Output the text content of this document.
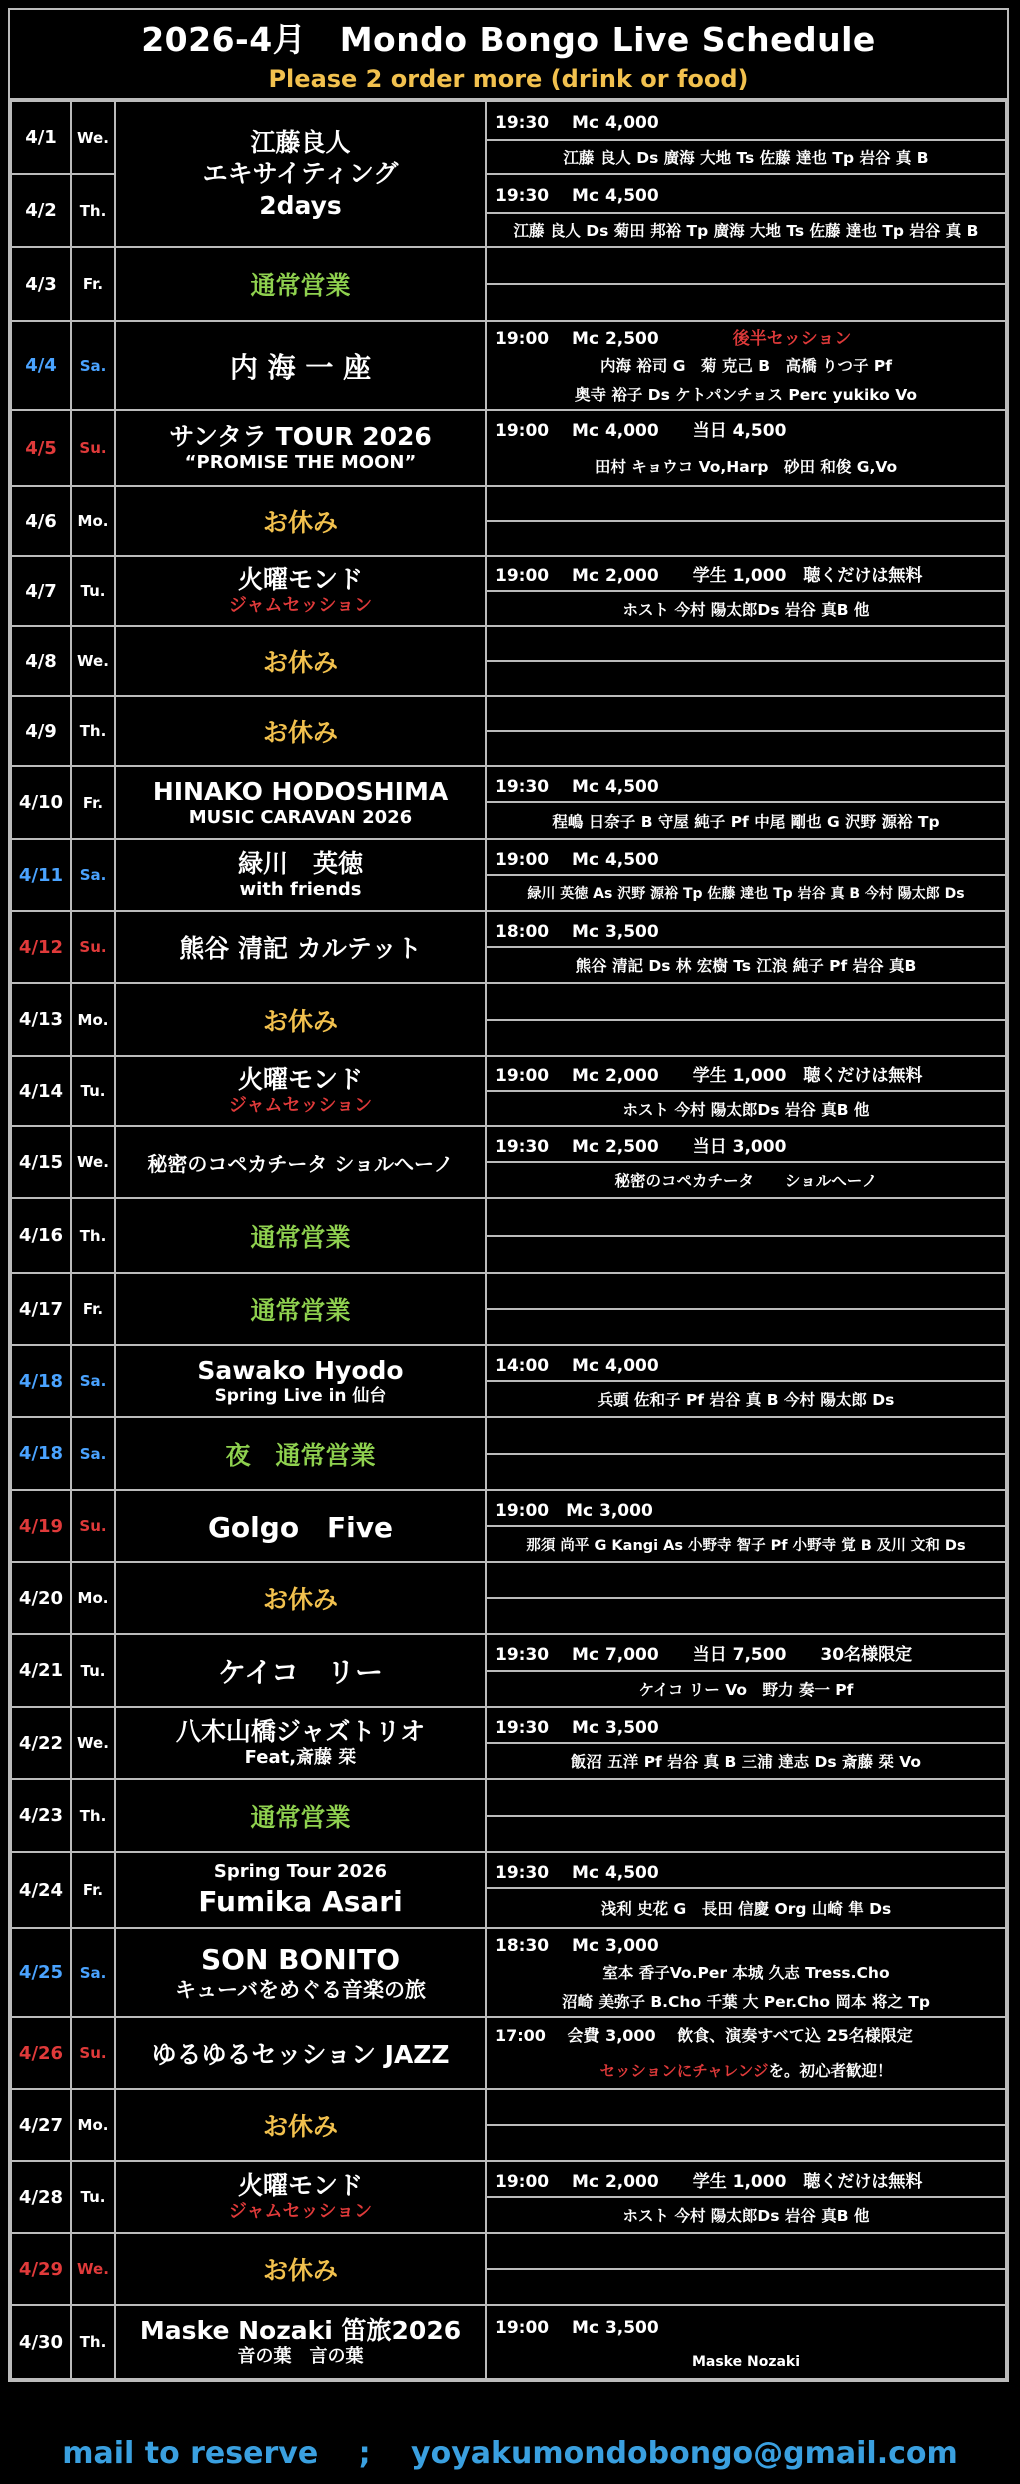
2026-4月　Mondo Bongo Live Schedule
Please 2 order more (drink or food)
4/1	We.	江藤良人
エキサイティング
2days	19:30　 Mc 4,000
			江藤 良人 Ds 廣海 大地 Ts 佐藤 達也 Tp 岩谷 真 B
4/2	Th.		19:30　 Mc 4,500
			江藤 良人 Ds 菊田 邦裕 Tp 廣海 大地 Ts 佐藤 達也 Tp 岩谷 真 B
4/3	Fr.	通常営業	

4/4	Sa.	内 海 一 座	19:00　 Mc 2,500 後半セッション
			内海 裕司 G　菊 克己 B　高橋 りつ子 Pf
			奥寺 裕子 Ds ケトパンチョス Perc yukiko Vo
4/5	Su.	サンタラ TOUR 2026
“PROMISE THE MOON”	19:00　 Mc 4,000　　当日 4,500
			田村 キョウコ Vo,Harp　砂田 和俊 G,Vo
4/6	Mo.	お休み	

4/7	Tu.	火曜モンド
ジャムセッション	19:00　 Mc 2,000　　学生 1,000　聴くだけは無料
			ホスト 今村 陽太郎Ds 岩谷 真B 他
4/8	We.	お休み	

4/9	Th.	お休み	

4/10	Fr.	HINAKO HODOSHIMA
MUSIC CARAVAN 2026	19:30　 Mc 4,500
			程嶋 日奈子 B 守屋 純子 Pf 中尾 剛也 G 沢野 源裕 Tp
4/11	Sa.	緑川　英徳
with friends	19:00　 Mc 4,500
			緑川 英徳 As 沢野 源裕 Tp 佐藤 達也 Tp 岩谷 真 B 今村 陽太郎 Ds
4/12	Su.	熊谷 清記 カルテット	18:00　 Mc 3,500
			熊谷 清記 Ds 林 宏樹 Ts 江浪 純子 Pf 岩谷 真B
4/13	Mo.	お休み	

4/14	Tu.	火曜モンド
ジャムセッション	19:00　 Mc 2,000　　学生 1,000　聴くだけは無料
			ホスト 今村 陽太郎Ds 岩谷 真B 他
4/15	We.	秘密のコペカチータ ショルへーノ	19:30　 Mc 2,500　　当日 3,000
			秘密のコペカチータ　　ショルへーノ
4/16	Th.	通常営業	

4/17	Fr.	通常営業	

4/18	Sa.	Sawako Hyodo
Spring Live in 仙台	14:00　 Mc 4,000
			兵頭 佐和子 Pf 岩谷 真 B 今村 陽太郎 Ds
4/18	Sa.	夜　通常営業	

4/19	Su.	Golgo　Five	19:00　Mc 3,000
			那須 尚平 G Kangi As 小野寺 智子 Pf 小野寺 覚 B 及川 文和 Ds
4/20	Mo.	お休み	

4/21	Tu.	ケイコ　リー	19:30　 Mc 7,000　　当日 7,500　　30名様限定
			ケイコ リー Vo　野力 奏一 Pf
4/22	We.	八木山橋ジャズトリオ
Feat,斎藤 栞	19:30　 Mc 3,500
			飯沼 五洋 Pf 岩谷 真 B 三浦 達志 Ds 斎藤 栞 Vo
4/23	Th.	通常営業	

4/24	Fr.	Spring Tour 2026
Fumika Asari	19:30　 Mc 4,500
			浅利 史花 G　長田 信慶 Org 山崎 隼 Ds
4/25	Sa.	SON BONITO
キューバをめぐる音楽の旅	18:30　 Mc 3,000
			室本 香子Vo.Per 本城 久志 Tress.Cho
			沼崎 美弥子 B.Cho 千葉 大 Per.Cho 岡本 将之 Tp
4/26	Su.	ゆるゆるセッション JAZZ	17:00　 会費 3,000　 飲食、演奏すべて込 25名様限定
			セッションにチャレンジを。初心者歓迎！
4/27	Mo.	お休み	

4/28	Tu.	火曜モンド
ジャムセッション	19:00　 Mc 2,000　　学生 1,000　聴くだけは無料
			ホスト 今村 陽太郎Ds 岩谷 真B 他
4/29	We.	お休み	

4/30	Th.	Maske Nozaki 笛旅2026
音の葉　言の葉	19:00　 Mc 3,500
			Maske Nozaki
mail to reserve　 ;　 yoyakumondobongo@gmail.com
